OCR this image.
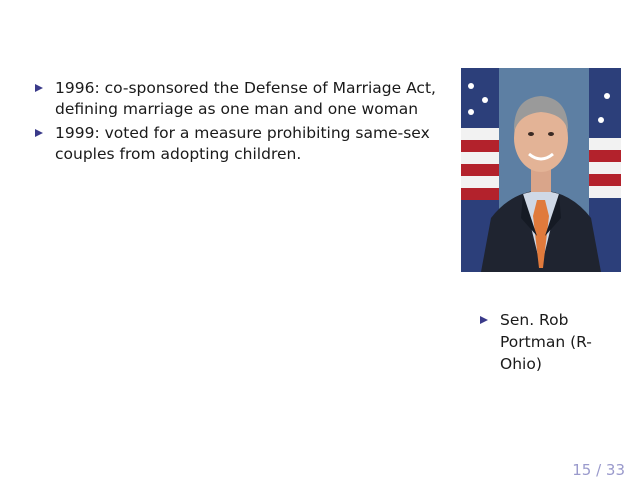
1996: co-sponsored the Defense of Marriage Act, defining marriage as one man and one woman
1999: voted for a measure prohibiting same-sex couples from adopting children.
Sen. Rob Portman (R-Ohio)
15 / 33
